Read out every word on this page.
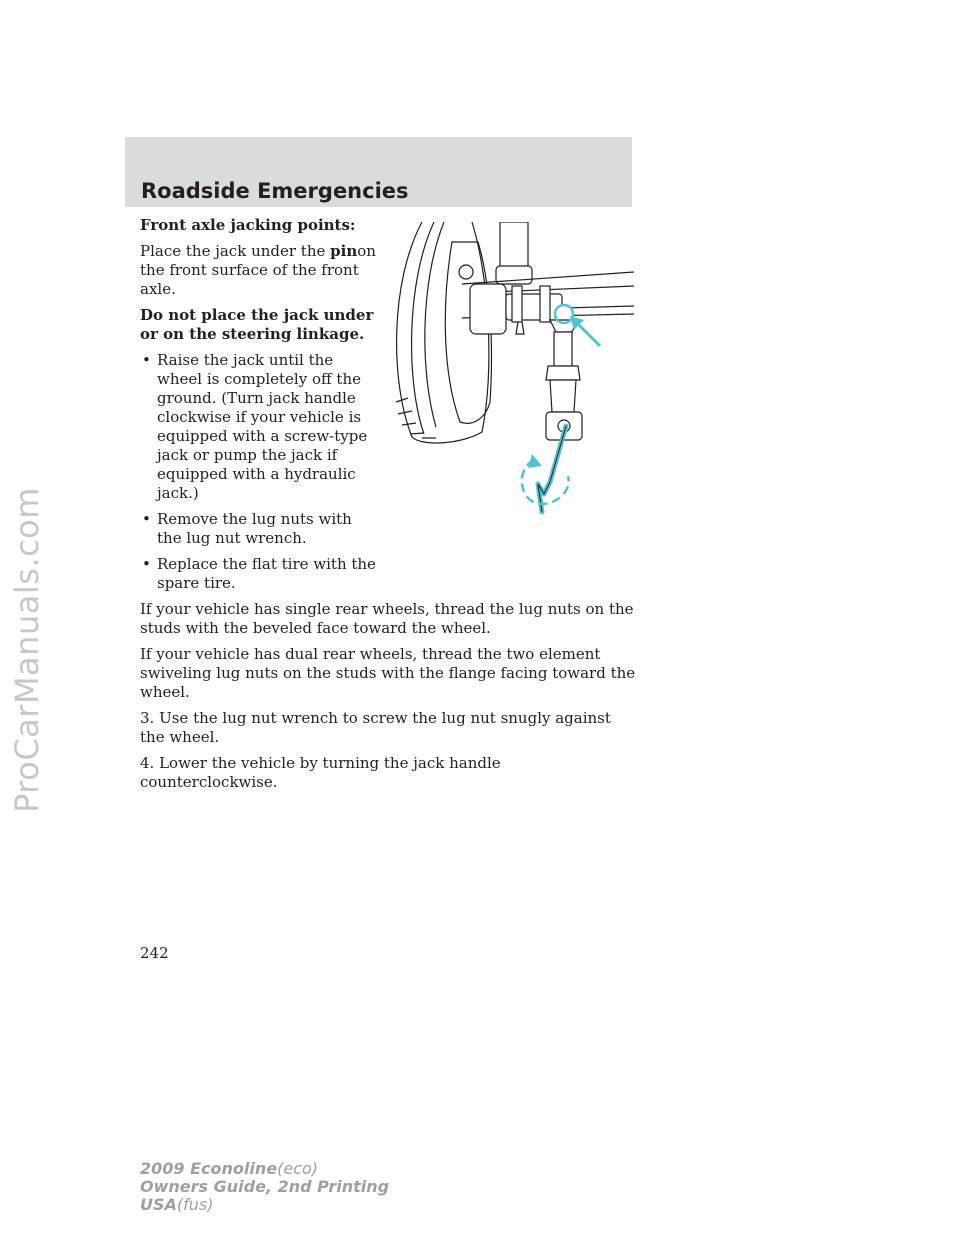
ProCarManuals.com
Roadside Emergencies

Front axle jacking points:

Place the jack under the pinon the front surface of the front axle.

Do not place the jack under or on the steering linkage.

• Raise the jack until the wheel is completely off the ground. (Turn jack handle clockwise if your vehicle is equipped with a screw-type jack or pump the jack if equipped with a hydraulic jack.)
• Remove the lug nuts with the lug nut wrench.
• Replace the flat tire with the spare tire.

If your vehicle has single rear wheels, thread the lug nuts on the studs with the beveled face toward the wheel.

If your vehicle has dual rear wheels, thread the two element swiveling lug nuts on the studs with the flange facing toward the wheel.

3. Use the lug nut wrench to screw the lug nut snugly against the wheel.

4. Lower the vehicle by turning the jack handle counterclockwise.

242
2009 Econoline(eco)
Owners Guide, 2nd Printing
USA(fus)
